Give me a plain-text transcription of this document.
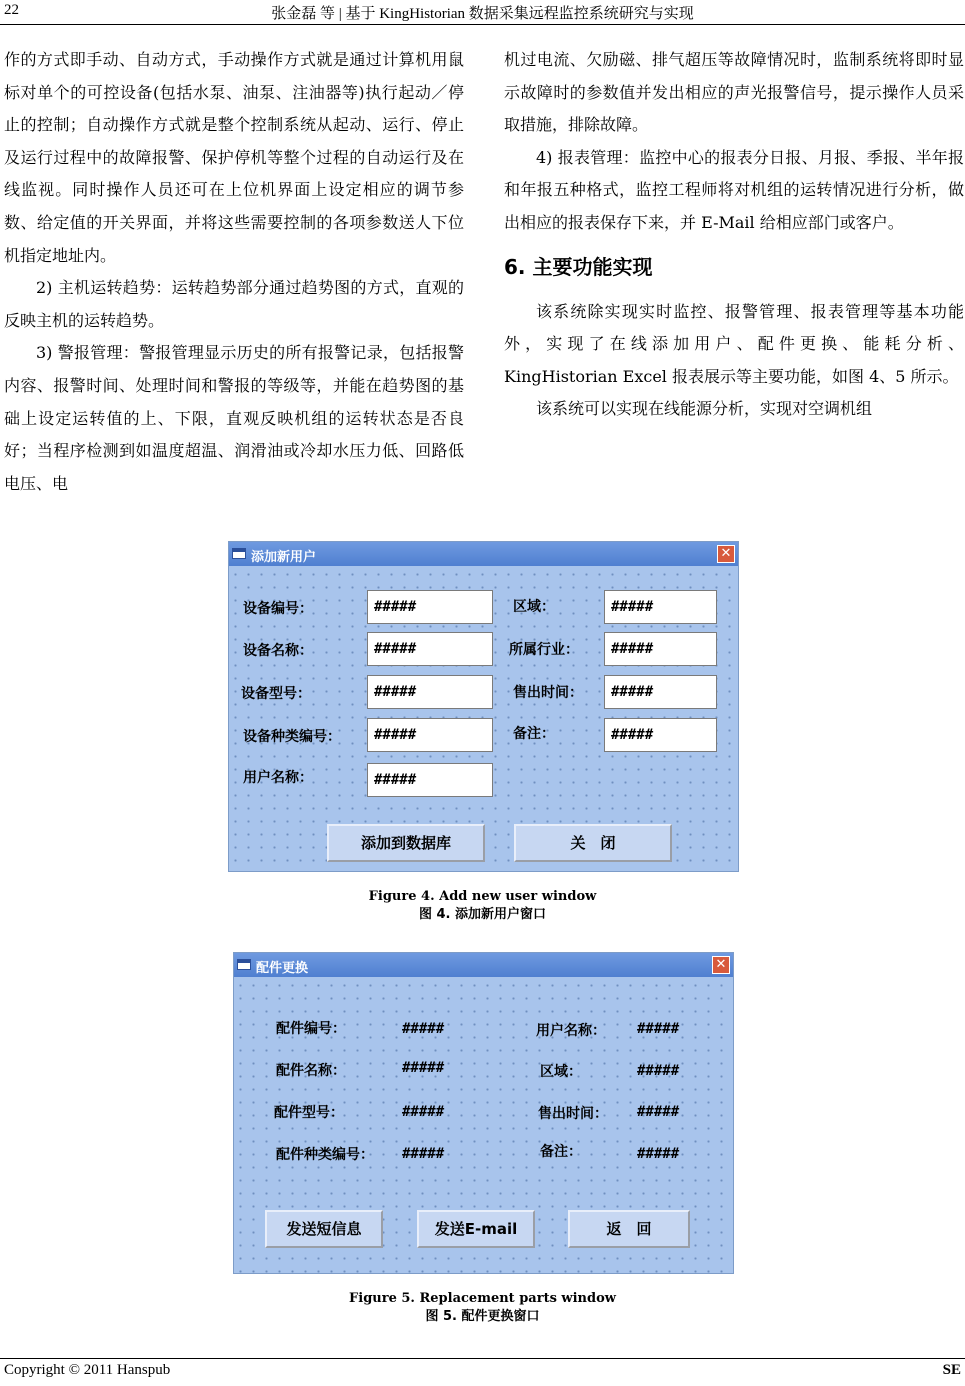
22	张金磊 等 | 基于 KingHistorian 数据采集远程监控系统研究与实现

作的方式即手动、自动方式，手动操作方式就是通过计算机用鼠标对单个的可控设备(包括水泵、油泵、注油器等)执行起动／停止的控制；自动操作方式就是整个控制系统从起动、运行、停止及运行过程中的故障报警、保护停机等整个过程的自动运行及在线监视。同时操作人员还可在上位机界面上设定相应的调节参数、给定值的开关界面，并将这些需要控制的各项参数送人下位机指定地址内。

2) 主机运转趋势：运转趋势部分通过趋势图的方式，直观的反映主机的运转趋势。

3) 警报管理：警报管理显示历史的所有报警记录，包括报警内容、报警时间、处理时间和警报的等级等，并能在趋势图的基础上设定运转值的上、下限，直观反映机组的运转状态是否良好；当程序检测到如温度超温、润滑油或冷却水压力低、回路低电压、电

机过电流、欠励磁、排气超压等故障情况时，监制系统将即时显示故障时的参数值并发出相应的声光报警信号，提示操作人员采取措施，排除故障。

4) 报表管理：监控中心的报表分日报、月报、季报、半年报和年报五种格式，监控工程师将对机组的运转情况进行分析，做出相应的报表保存下来，并 E-Mail 给相应部门或客户。

6. 主要功能实现

该系统除实现实时监控、报警管理、报表管理等基本功能外，实现了在线添加用户、配件更换、能耗分析、KingHistorian Excel 报表展示等主要功能，如图 4、5 所示。

该系统可以实现在线能源分析，实现对空调机组

添加新用户	✕
设备编号：	#####
设备名称：	#####
设备型号：	#####
设备种类编号：	#####
用户名称：	#####
区域：	#####
所属行业：	#####
售出时间：	#####
备注：	#####
添加到数据库	关　闭
Figure 4. Add new user window
图 4. 添加新用户窗口
配件更换	✕
配件编号：	#####
配件名称：	#####
配件型号：	#####
配件种类编号： #####
用户名称： #####
区域：	#####
售出时间： #####
备注：	#####
发送短信息	发送E-mail	返　回
Figure 5. Replacement parts window
图 5. 配件更换窗口
Copyright © 2011 Hanspub	SE
